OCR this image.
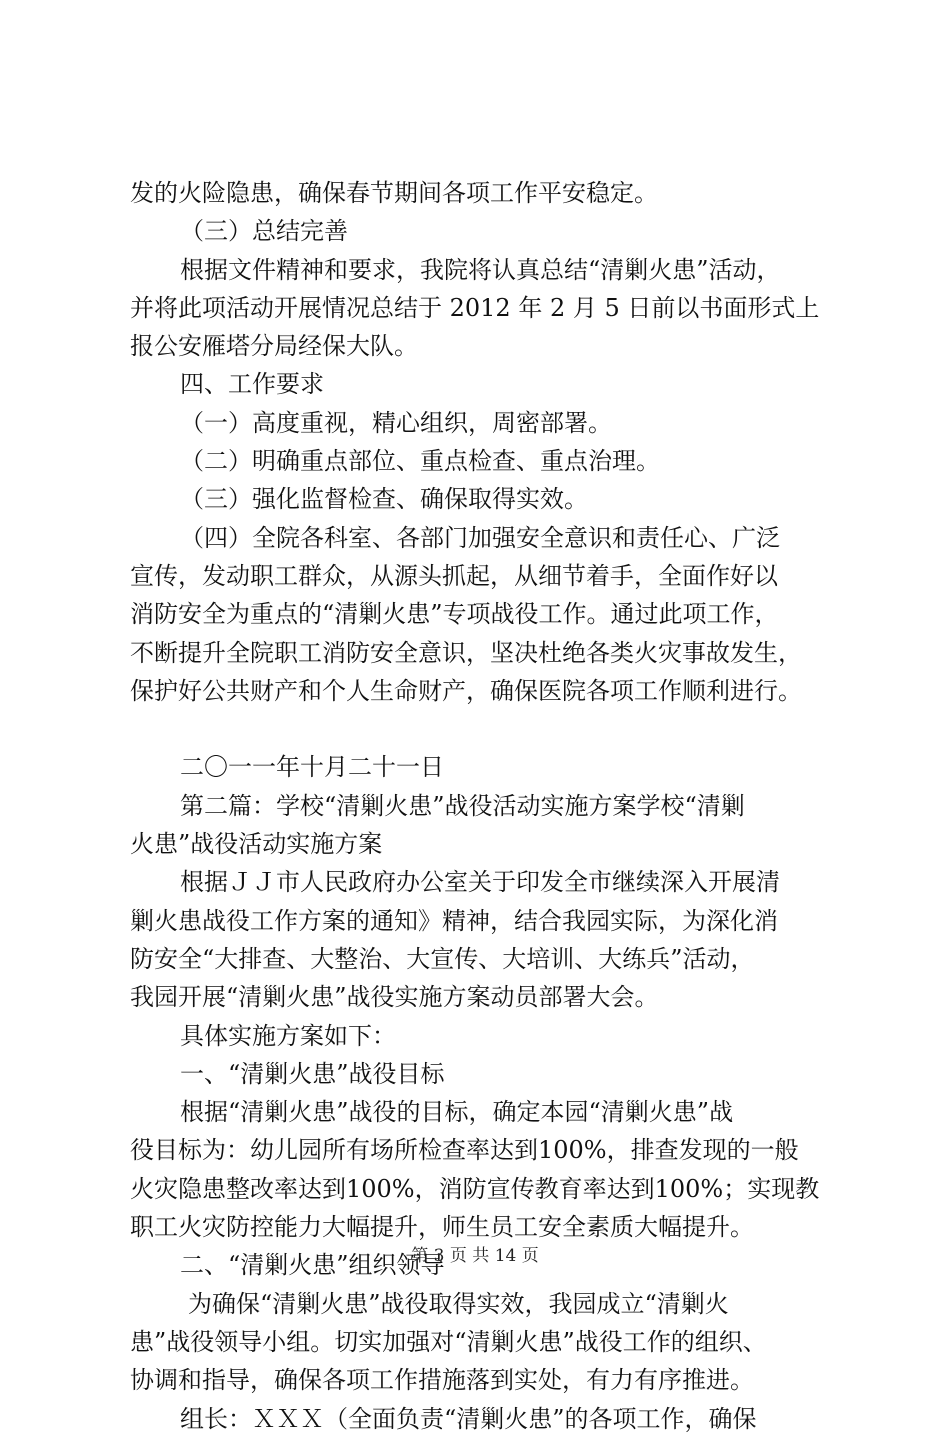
发的火险隐患，确保春节期间各项工作平安稳定。
（三）总结完善
根据文件精神和要求，我院将认真总结“清剿火患”活动，
并将此项活动开展情况总结于 2012 年 2 月 5 日前以书面形式上
报公安雁塔分局经保大队。
四、工作要求
（一）高度重视，精心组织，周密部署。
（二）明确重点部位、重点检查、重点治理。
（三）强化监督检查、确保取得实效。
（四）全院各科室、各部门加强安全意识和责任心、广泛
宣传，发动职工群众，从源头抓起，从细节着手，全面作好以
消防安全为重点的“清剿火患”专项战役工作。通过此项工作，
不断提升全院职工消防安全意识，坚决杜绝各类火灾事故发生，
保护好公共财产和个人生命财产，确保医院各项工作顺利进行。
二〇一一年十月二十一日
第二篇：学校“清剿火患”战役活动实施方案学校“清剿
火患”战役活动实施方案
根据ＪＪ市人民政府办公室关于印发全市继续深入开展清
剿火患战役工作方案的通知》精神，结合我园实际，为深化消
防安全“大排查、大整治、大宣传、大培训、大练兵”活动，
我园开展“清剿火患”战役实施方案动员部署大会。
具体实施方案如下：
一、“清剿火患”战役目标
根据“清剿火患”战役的目标，确定本园“清剿火患”战
役目标为：幼儿园所有场所检查率达到100%，排查发现的一般
火灾隐患整改率达到100%，消防宣传教育率达到100%；实现教
职工火灾防控能力大幅提升，师生员工安全素质大幅提升。
二、“清剿火患”组织领导
为确保“清剿火患”战役取得实效，我园成立“清剿火
患”战役领导小组。切实加强对“清剿火患”战役工作的组织、
协调和指导，确保各项工作措施落到实处，有力有序推进。
组长：ＸＸＸ（全面负责“清剿火患”的各项工作，确保
第 3 页 共 14 页
